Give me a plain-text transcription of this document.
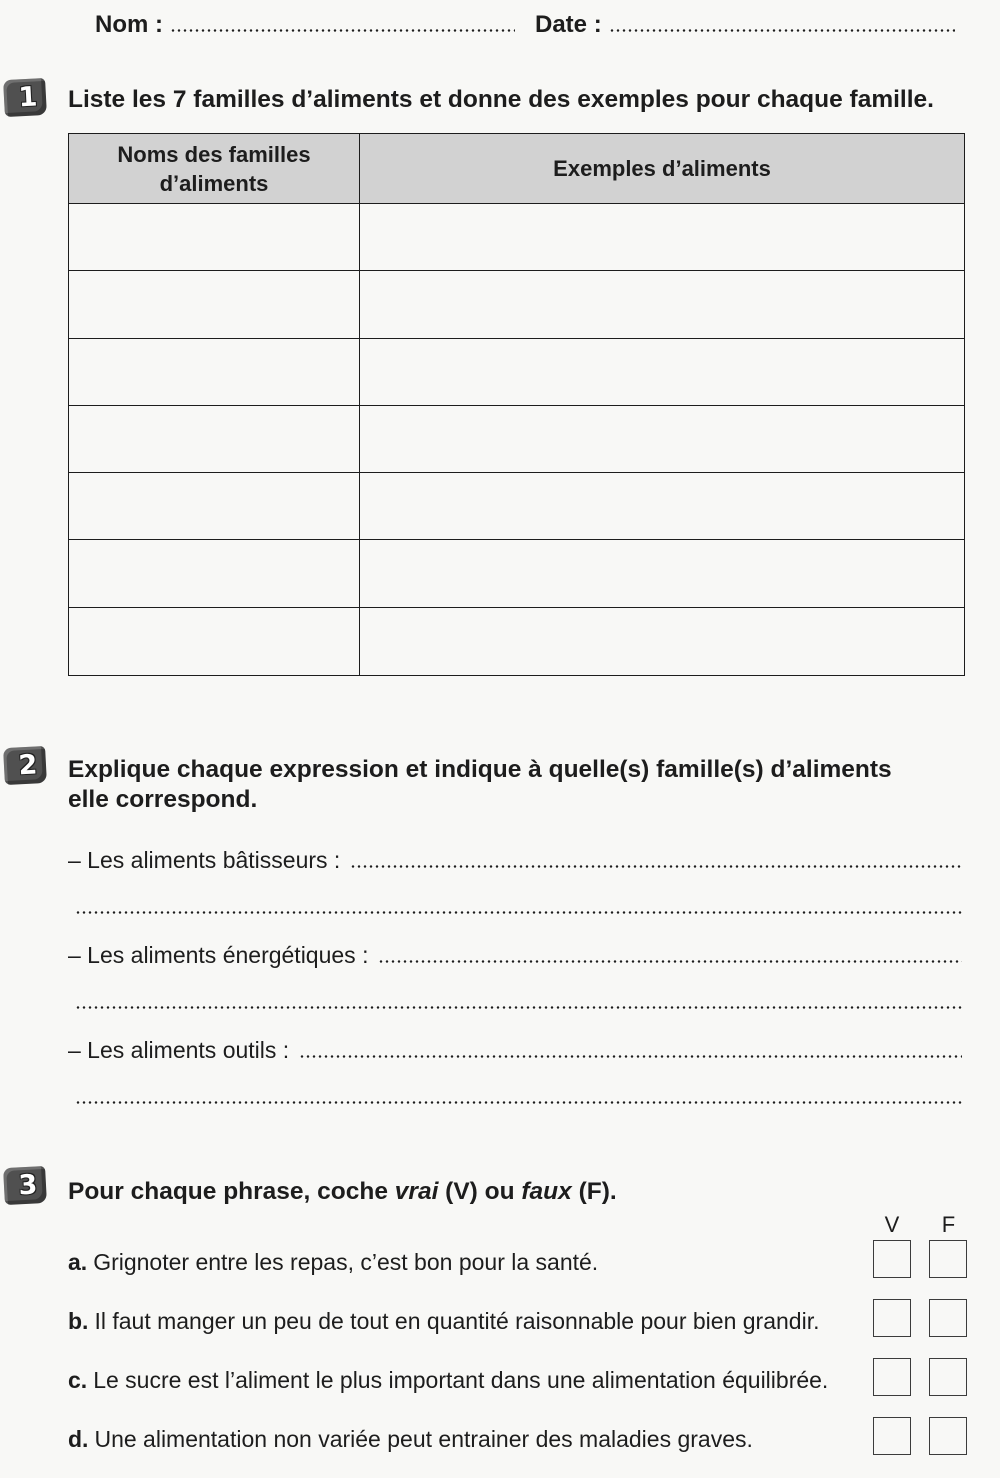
Nom :	Date :
1 Liste les 7 familles d’aliments et donne des exemples pour chaque famille.
Noms des familles
d’aliments
Exemples d’aliments
2 Explique chaque expression et indique à quelle(s) famille(s) d’aliments
elle correspond.
– Les aliments bâtisseurs :
– Les aliments énergétiques :
– Les aliments outils :
3 Pour chaque phrase, coche vrai (V) ou faux (F).
V	F
a. Grignoter entre les repas, c’est bon pour la santé.
b. Il faut manger un peu de tout en quantité raisonnable pour bien grandir.
c. Le sucre est l’aliment le plus important dans une alimentation équilibrée.
d. Une alimentation non variée peut entrainer des maladies graves.
